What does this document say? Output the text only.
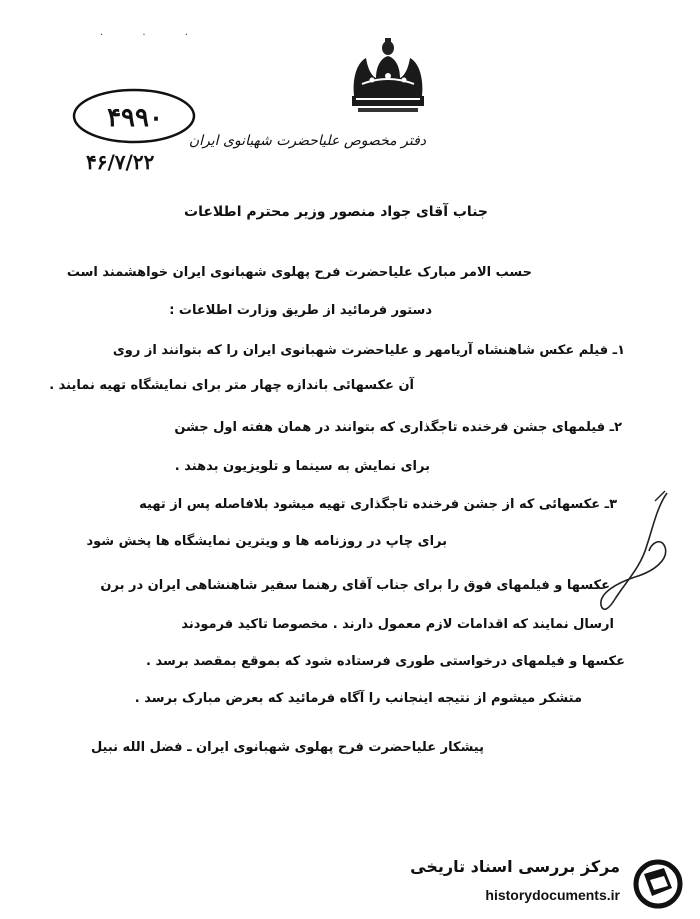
· · ·
دفتر مخصوص علیاحضرت شهبانوی ایران
۴۹۹۰
۴۶/۷/۲۲
جناب آقای جواد منصور وزیر محترم اطلاعات
حسب الامر مبارک علیاحضرت فرح پهلوی شهبانوی ایران خواهشمند است
دستور فرمائید از طریق وزارت اطلاعات :
۱ـ فیلم عکس شاهنشاه آریامهر و علیاحضرت شهبانوی ایران را که بتوانند از روی
آن عکسهائی باندازه چهار متر برای نمایشگاه تهیه نمایند .
۲ـ فیلمهای جشن فرخنده تاجگذاری که بتوانند در همان هفته اول جشن
برای نمایش به سینما و تلویزیون بدهند .
۳ـ عکسهائی که از جشن فرخنده تاجگذاری تهیه میشود بلافاصله پس از تهیه
برای چاپ در روزنامه ها و ویترین نمایشگاه ها پخش شود
عکسها و فیلمهای فوق را برای جناب آقای رهنما سفیر شاهنشاهی ایران در برن
ارسال نمایند که اقدامات لازم معمول دارند . مخصوصا تاکید فرمودند
عکسها و فیلمهای درخواستی طوری فرستاده شود که بموقع بمقصد برسد .
متشکر میشوم از نتیجه اینجانب را آگاه فرمائید که بعرض مبارک برسد .
پیشکار علیاحضرت فرح پهلوی شهبانوی ایران ـ فضل الله نبیل
مرکز بررسی اسناد تاریخی
historydocuments.ir
